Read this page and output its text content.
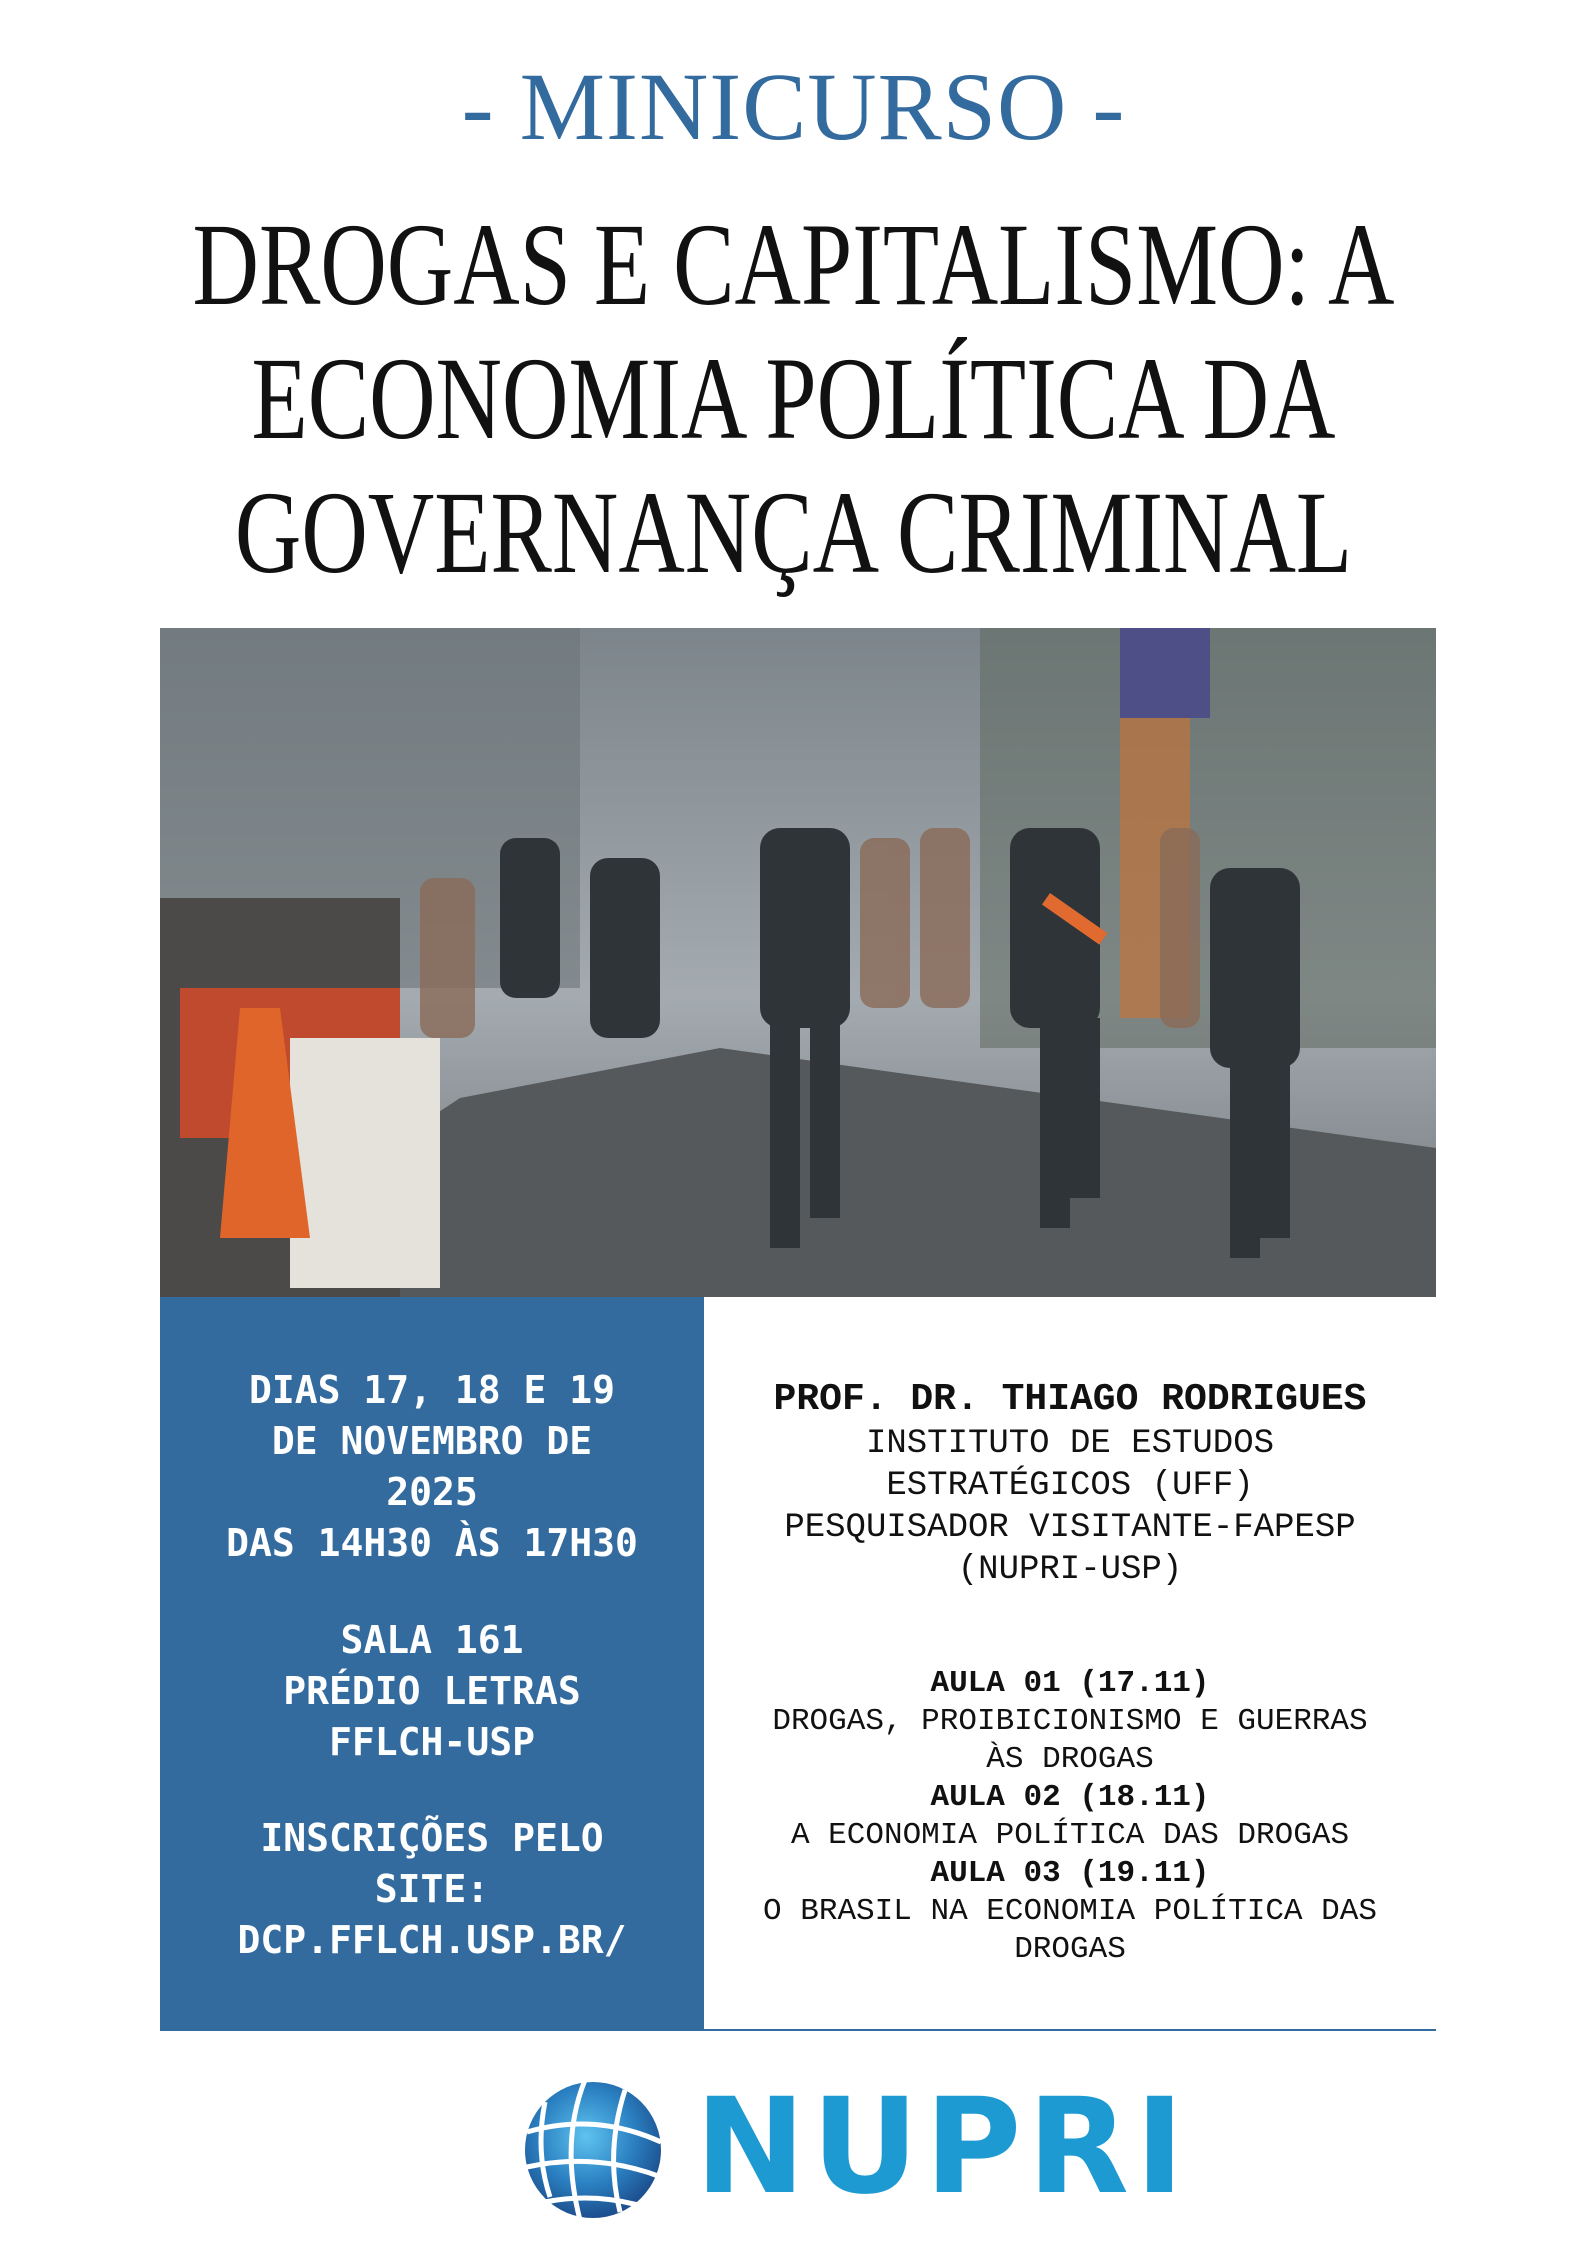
- MINICURSO -
DROGAS E CAPITALISMO: A
ECONOMIA POLÍTICA DA
GOVERNANÇA CRIMINAL
DIAS 17, 18 E 19
DE NOVEMBRO DE
2025
DAS 14H30 ÀS 17H30
SALA 161
PRÉDIO LETRAS
FFLCH-USP
INSCRIÇÕES PELO
SITE:
DCP.FFLCH.USP.BR/
PROF. DR. THIAGO RODRIGUES
INSTITUTO DE ESTUDOS
ESTRATÉGICOS (UFF)
PESQUISADOR VISITANTE-FAPESP
(NUPRI-USP)
AULA 01 (17.11)
DROGAS, PROIBICIONISMO E GUERRAS
ÀS DROGAS
AULA 02 (18.11)
A ECONOMIA POLÍTICA DAS DROGAS
AULA 03 (19.11)
O BRASIL NA ECONOMIA POLÍTICA DAS
DROGAS
NUPRI
